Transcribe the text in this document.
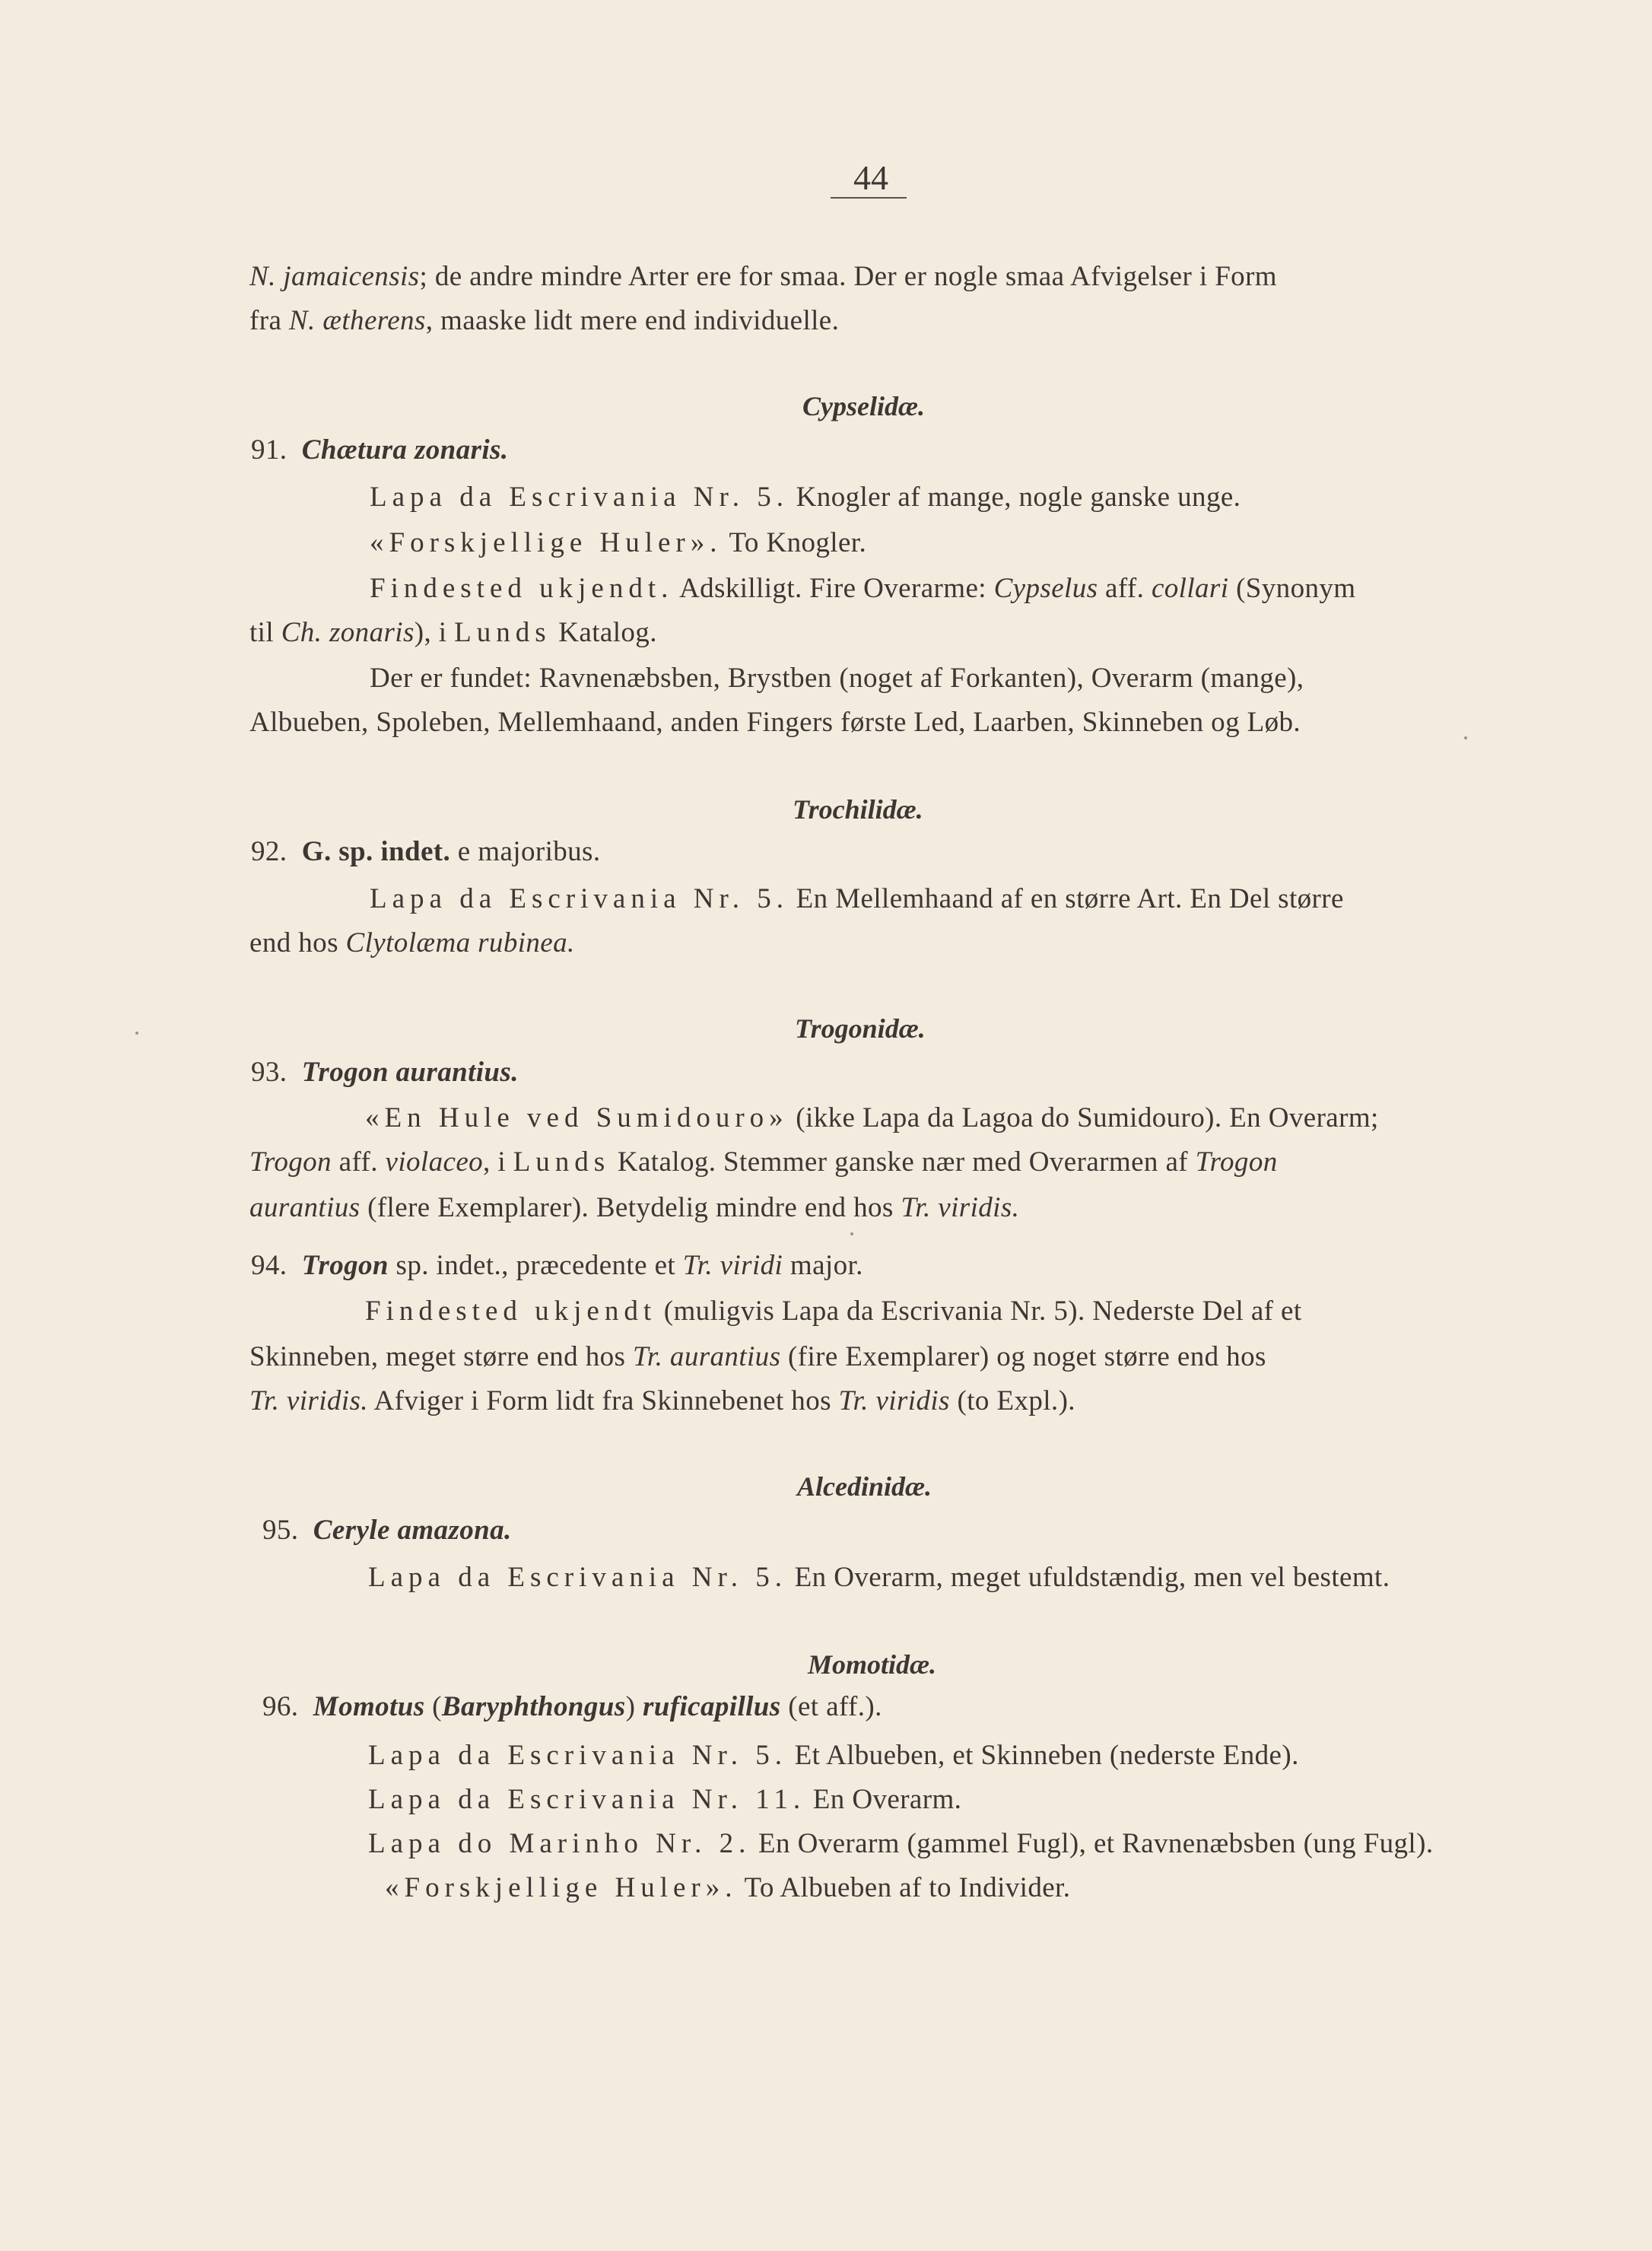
44
N. jamaicensis; de andre mindre Arter ere for smaa. Der er nogle smaa Afvigelser i Form
fra N. ætherens, maaske lidt mere end individuelle.
Cypselidæ.
91. Chætura zonaris.
Lapa da Escrivania Nr. 5. Knogler af mange, nogle ganske unge.
«Forskjellige Huler». To Knogler.
Findested ukjendt. Adskilligt. Fire Overarme: Cypselus aff. collari (Synonym
til Ch. zonaris), i Lunds Katalog.
Der er fundet: Ravnenæbsben, Brystben (noget af Forkanten), Overarm (mange),
Albueben, Spoleben, Mellemhaand, anden Fingers første Led, Laarben, Skinneben og Løb.
Trochilidæ.
92. G. sp. indet. e majoribus.
Lapa da Escrivania Nr. 5. En Mellemhaand af en større Art. En Del større
end hos Clytolæma rubinea.
Trogonidæ.
93. Trogon aurantius.
«En Hule ved Sumidouro» (ikke Lapa da Lagoa do Sumidouro). En Overarm;
Trogon aff. violaceo, i Lunds Katalog. Stemmer ganske nær med Overarmen af Trogon
aurantius (flere Exemplarer). Betydelig mindre end hos Tr. viridis.
94. Trogon sp. indet., præcedente et Tr. viridi major.
Findested ukjendt (muligvis Lapa da Escrivania Nr. 5). Nederste Del af et
Skinneben, meget større end hos Tr. aurantius (fire Exemplarer) og noget større end hos
Tr. viridis. Afviger i Form lidt fra Skinnebenet hos Tr. viridis (to Expl.).
Alcedinidæ.
95. Ceryle amazona.
Lapa da Escrivania Nr. 5. En Overarm, meget ufuldstændig, men vel bestemt.
Momotidæ.
96. Momotus (Baryphthongus) ruficapillus (et aff.).
Lapa da Escrivania Nr. 5. Et Albueben, et Skinneben (nederste Ende).
Lapa da Escrivania Nr. 11. En Overarm.
Lapa do Marinho Nr. 2. En Overarm (gammel Fugl), et Ravnenæbsben (ung Fugl).
«Forskjellige Huler». To Albueben af to Individer.
